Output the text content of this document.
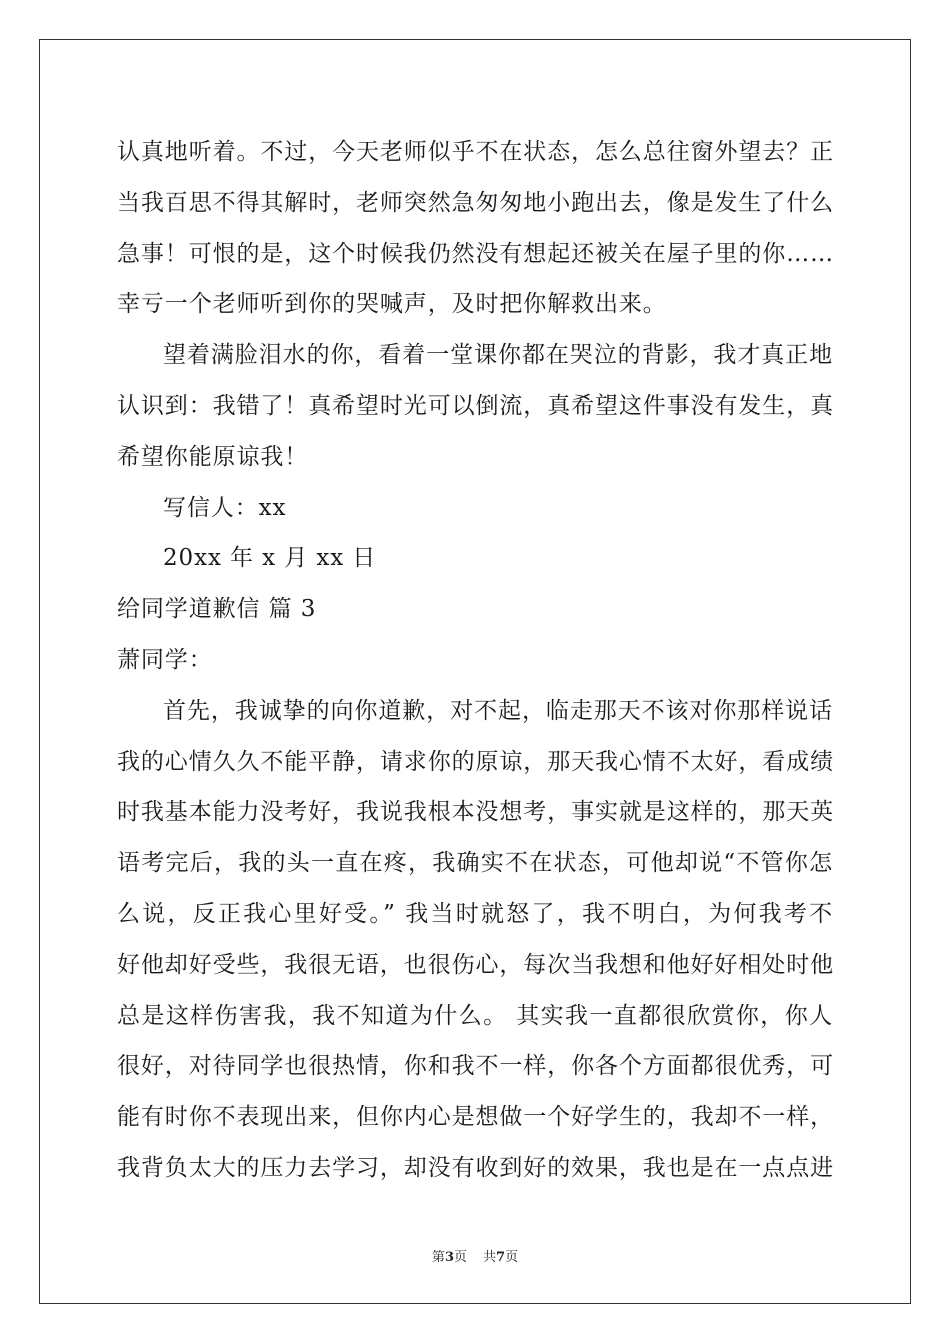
认真地听着。不过，今天老师似乎不在状态，怎么总往窗外望去？正
当我百思不得其解时，老师突然急匆匆地小跑出去，像是发生了什么
急事！可恨的是，这个时候我仍然没有想起还被关在屋子里的你……
幸亏一个老师听到你的哭喊声，及时把你解救出来。
望着满脸泪水的你，看着一堂课你都在哭泣的背影，我才真正地
认识到：我错了！真希望时光可以倒流，真希望这件事没有发生，真
希望你能原谅我！
写信人：xx
20xx 年 x 月 xx 日
给同学道歉信 篇 3
萧同学：
首先，我诚挚的向你道歉，对不起，临走那天不该对你那样说话
我的心情久久不能平静，请求你的原谅，那天我心情不太好，看成绩
时我基本能力没考好，我说我根本没想考，事实就是这样的，那天英
语考完后，我的头一直在疼，我确实不在状态，可他却说“不管你怎
么说，反正我心里好受。” 我当时就怒了，我不明白，为何我考不
好他却好受些，我很无语，也很伤心，每次当我想和他好好相处时他
总是这样伤害我，我不知道为什么。 其实我一直都很欣赏你，你人
很好，对待同学也很热情，你和我不一样，你各个方面都很优秀，可
能有时你不表现出来，但你内心是想做一个好学生的，我却不一样，
我背负太大的压力去学习，却没有收到好的效果，我也是在一点点进
第3页 共7页
